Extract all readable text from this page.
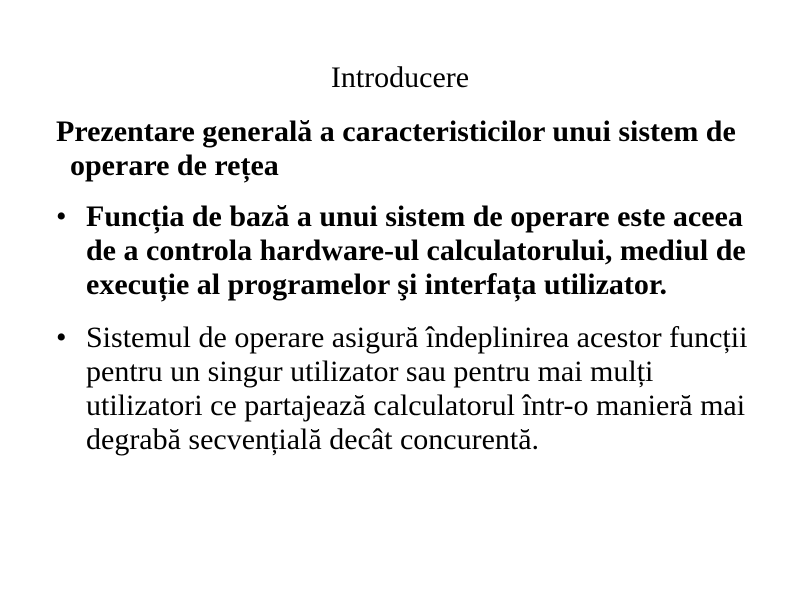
Introducere

Prezentare generală a caracteristicilor unui sistem de operare de rețea

• Funcția de bază a unui sistem de operare este aceea de a controla hardware-ul calculatorului, mediul de execuție al programelor şi interfața utilizator.
• Sistemul de operare asigură îndeplinirea acestor funcții pentru un singur utilizator sau pentru mai mulți utilizatori ce partajează calculatorul într-o manieră mai degrabă secvențială decât concurentă.
